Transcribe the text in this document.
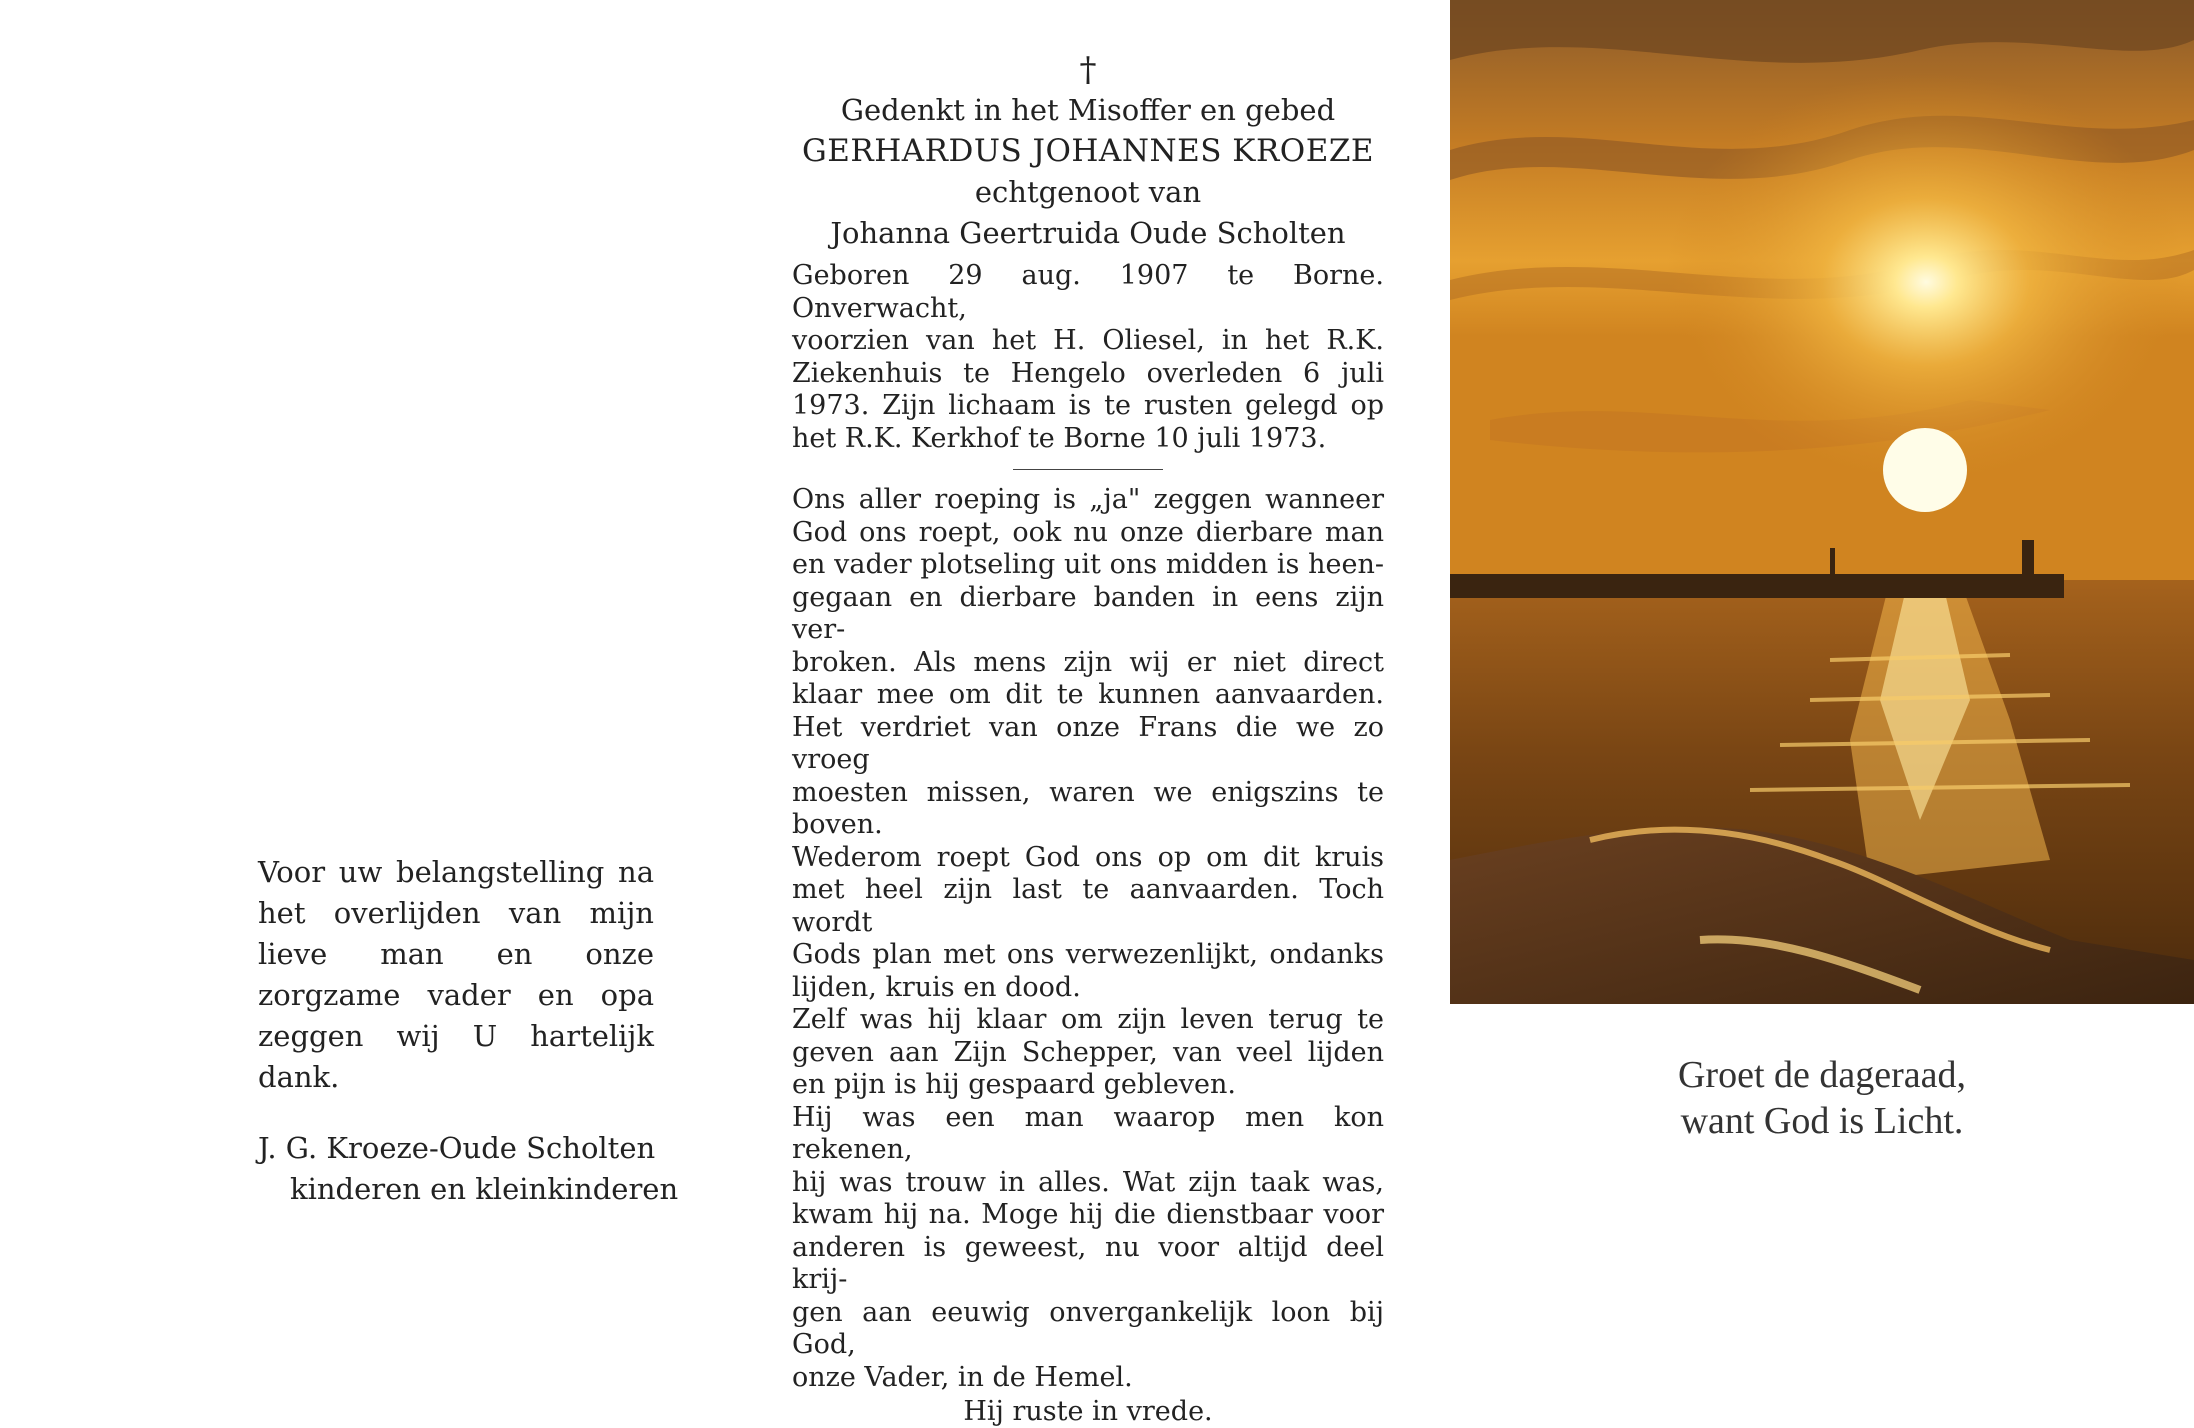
Voor uw belangstelling na het overlijden van mijn lieve man en onze zorgzame vader en opa zeggen wij U hartelijk dank.

J. G. Kroeze-Oude Scholten
kinderen en kleinkinderen
†
Gedenkt in het Misoffer en gebed
GERHARDUS JOHANNES KROEZE
echtgenoot van
Johanna Geertruida Oude Scholten
Geboren 29 aug. 1907 te Borne. Onverwacht,
voorzien van het H. Oliesel, in het R.K.
Ziekenhuis te Hengelo overleden 6 juli
1973. Zijn lichaam is te rusten gelegd op
het R.K. Kerkhof te Borne 10 juli 1973.
Ons aller roeping is „ja" zeggen wanneer
God ons roept, ook nu onze dierbare man
en vader plotseling uit ons midden is heen-
gegaan en dierbare banden in eens zijn ver-
broken. Als mens zijn wij er niet direct
klaar mee om dit te kunnen aanvaarden.
Het verdriet van onze Frans die we zo vroeg
moesten missen, waren we enigszins te boven.
Wederom roept God ons op om dit kruis
met heel zijn last te aanvaarden. Toch wordt
Gods plan met ons verwezenlijkt, ondanks
lijden, kruis en dood.
Zelf was hij klaar om zijn leven terug te
geven aan Zijn Schepper, van veel lijden
en pijn is hij gespaard gebleven.
Hij was een man waarop men kon rekenen,
hij was trouw in alles. Wat zijn taak was,
kwam hij na. Moge hij die dienstbaar voor
anderen is geweest, nu voor altijd deel krij-
gen aan eeuwig onvergankelijk loon bij God,
onze Vader, in de Hemel.
Hij ruste in vrede.
Groet de dageraad,
want God is Licht.
